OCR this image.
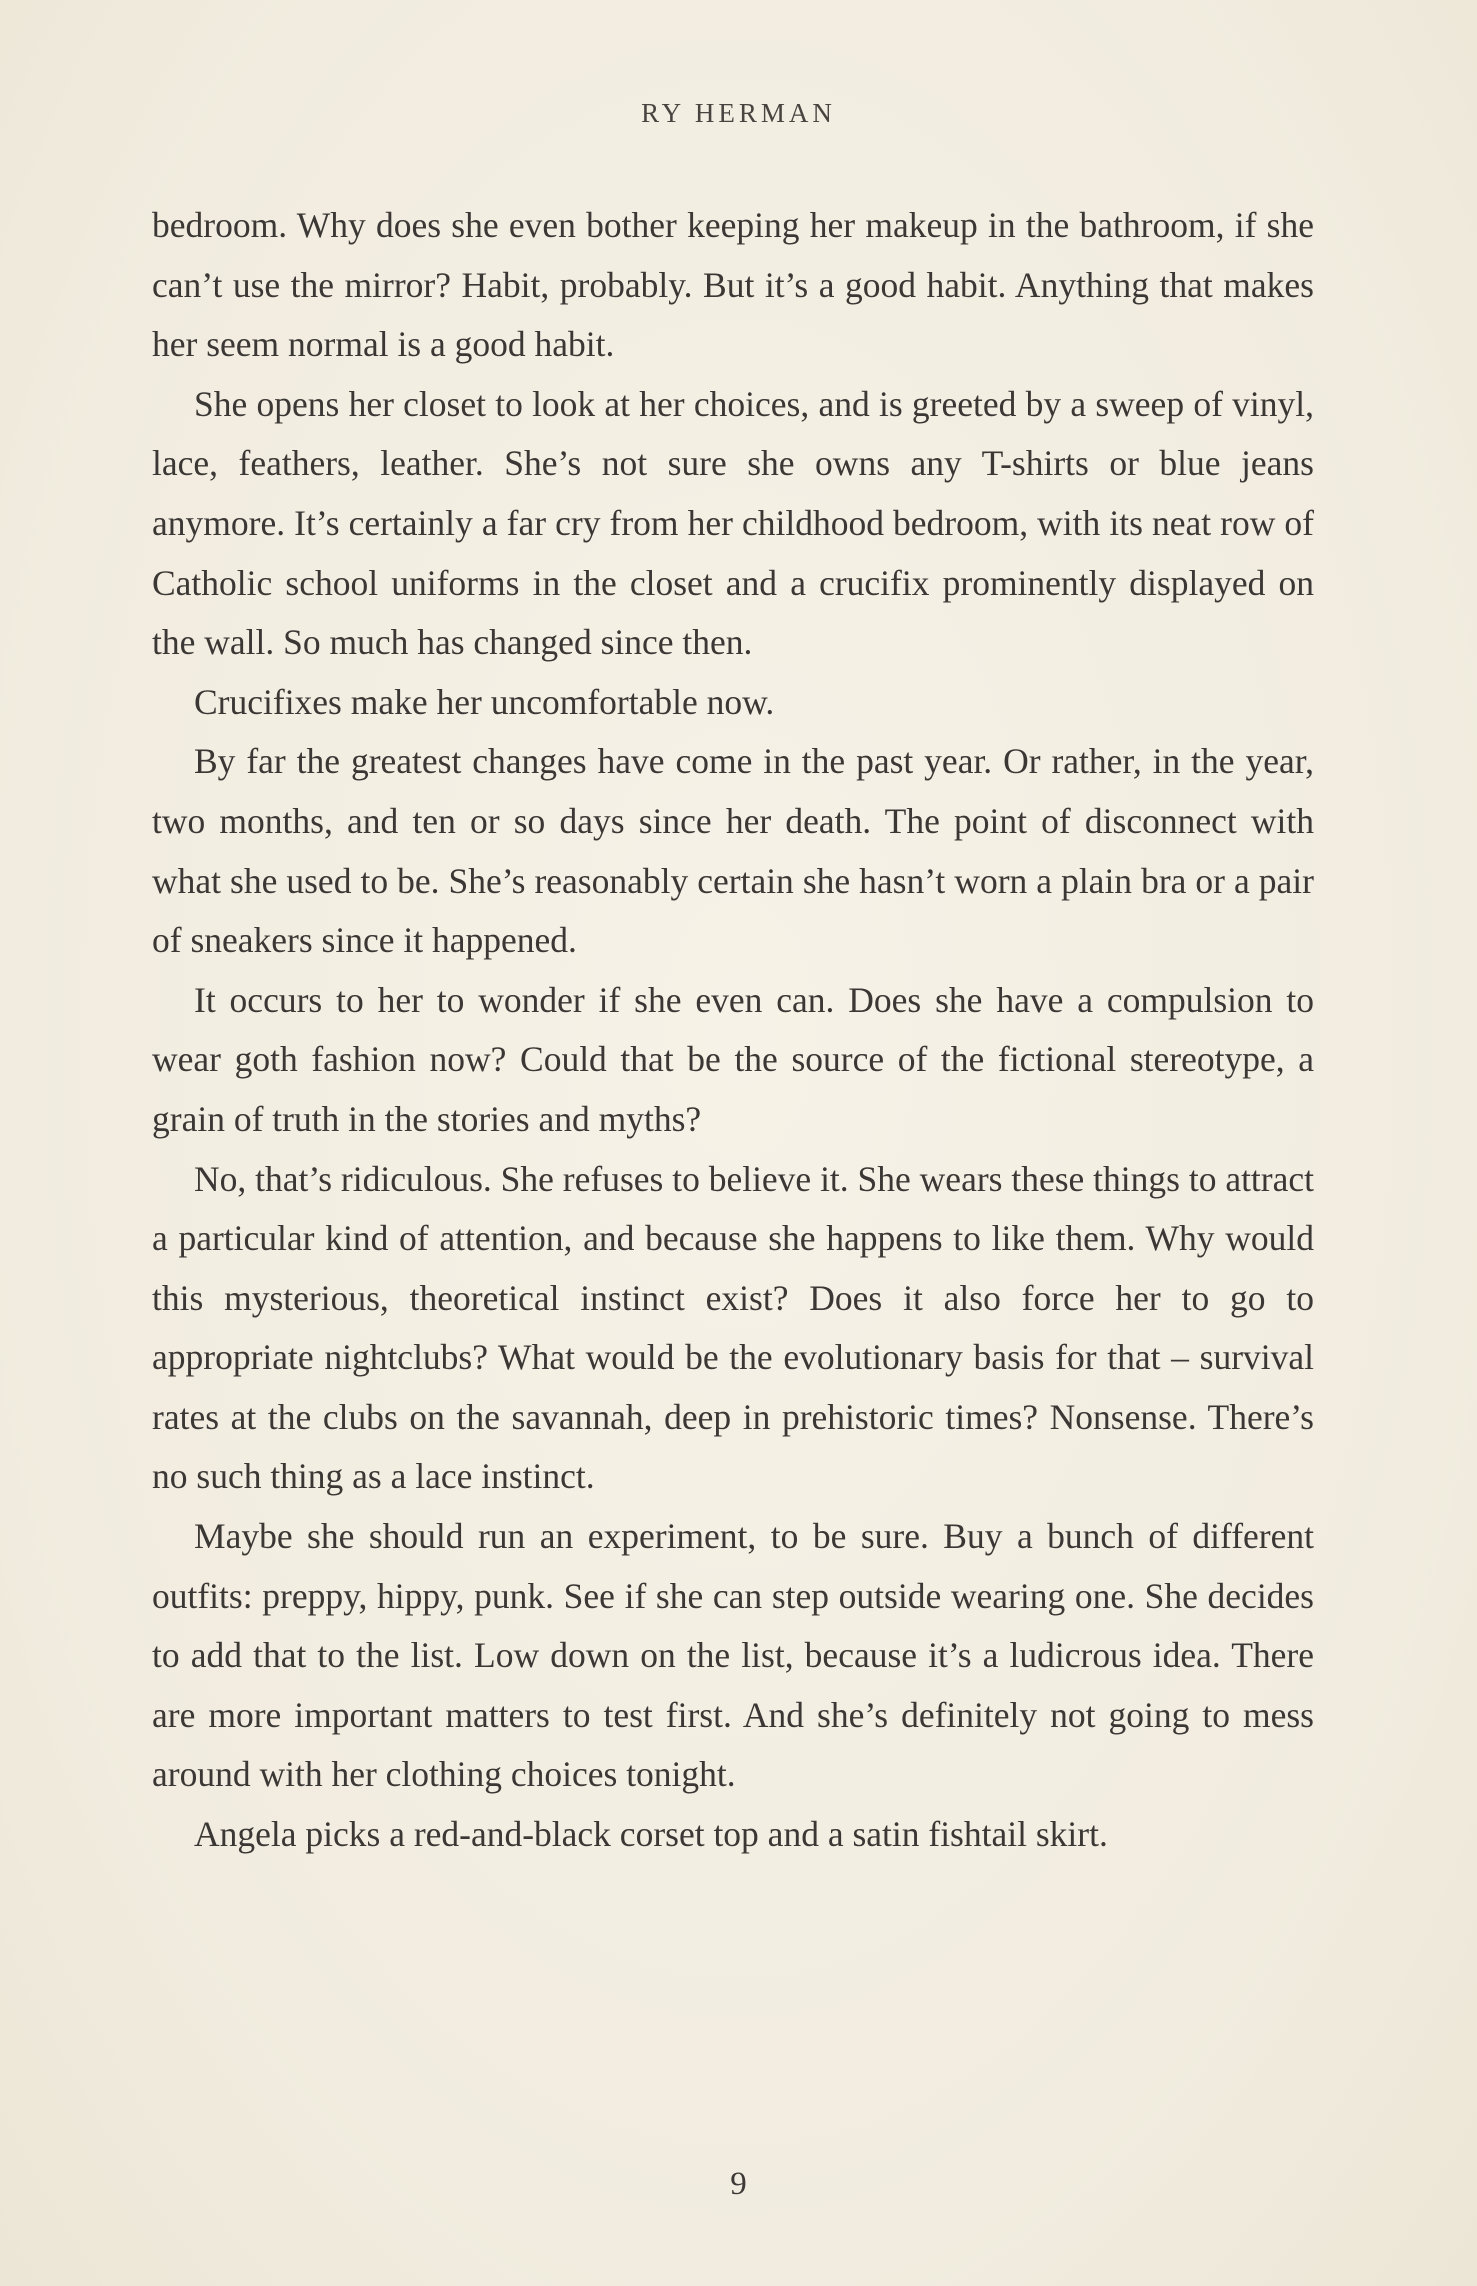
RY HERMAN

bedroom. Why does she even bother keeping her makeup in the bathroom, if she can’t use the mirror? Habit, probably. But it’s a good habit. Anything that makes her seem normal is a good habit.

She opens her closet to look at her choices, and is greeted by a sweep of vinyl, lace, feathers, leather. She’s not sure she owns any T-shirts or blue jeans anymore. It’s certainly a far cry from her childhood bedroom, with its neat row of Catholic school uniforms in the closet and a crucifix prominently displayed on the wall. So much has changed since then.

Crucifixes make her uncomfortable now.

By far the greatest changes have come in the past year. Or rather, in the year, two months, and ten or so days since her death. The point of disconnect with what she used to be. She’s reasonably certain she hasn’t worn a plain bra or a pair of sneakers since it happened.

It occurs to her to wonder if she even can. Does she have a compulsion to wear goth fashion now? Could that be the source of the fictional stereotype, a grain of truth in the stories and myths?

No, that’s ridiculous. She refuses to believe it. She wears these things to attract a particular kind of attention, and because she happens to like them. Why would this mysterious, theoretical instinct exist? Does it also force her to go to appropriate nightclubs? What would be the evolutionary basis for that – survival rates at the clubs on the savannah, deep in prehistoric times? Nonsense. There’s no such thing as a lace instinct.

Maybe she should run an experiment, to be sure. Buy a bunch of different outfits: preppy, hippy, punk. See if she can step outside wearing one. She decides to add that to the list. Low down on the list, because it’s a ludicrous idea. There are more important matters to test first. And she’s definitely not going to mess around with her clothing choices tonight.

Angela picks a red-and-black corset top and a satin fishtail skirt.

9
